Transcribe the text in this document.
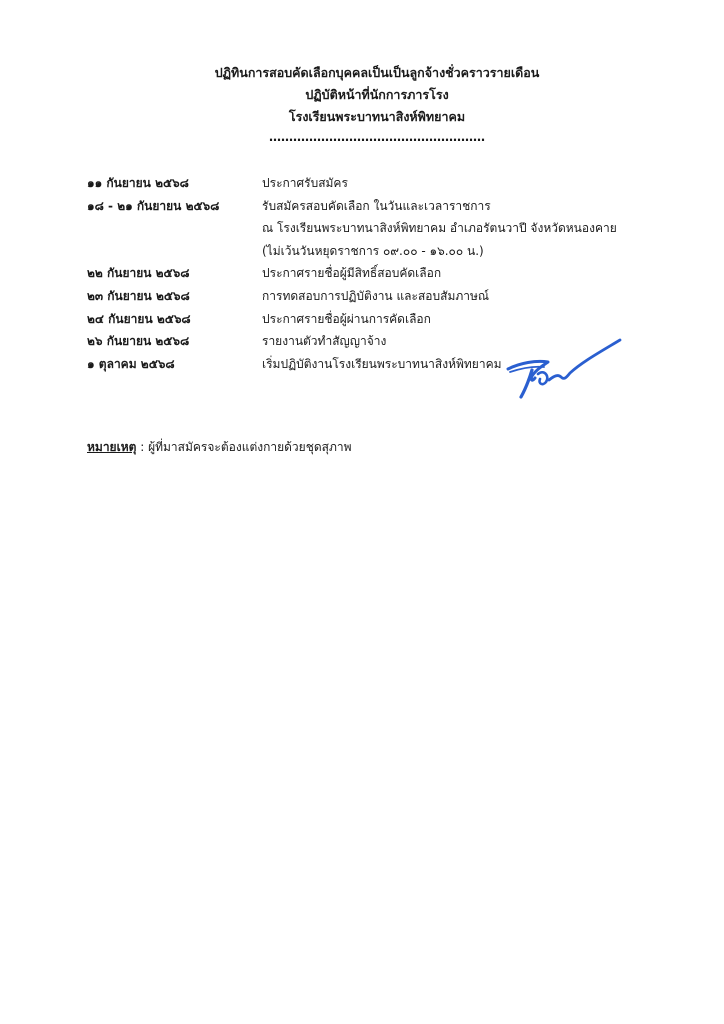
ปฏิทินการสอบคัดเลือกบุคคลเป็นเป็นลูกจ้างชั่วคราวรายเดือน
ปฏิบัติหน้าที่นักการภารโรง
โรงเรียนพระบาทนาสิงห์พิทยาคม
………………………………………………
๑๑ กันยายน ๒๕๖๘	ประกาศรับสมัคร
๑๘ - ๒๑ กันยายน ๒๕๖๘	รับสมัครสอบคัดเลือก ในวันและเวลาราชการ
ณ โรงเรียนพระบาทนาสิงห์พิทยาคม อำเภอรัตนวาปี จังหวัดหนองคาย
(ไม่เว้นวันหยุดราชการ ๐๙.๐๐ - ๑๖.๐๐ น.)
๒๒ กันยายน ๒๕๖๘	ประกาศรายชื่อผู้มีสิทธิ์สอบคัดเลือก
๒๓ กันยายน ๒๕๖๘	การทดสอบการปฏิบัติงาน และสอบสัมภาษณ์
๒๔ กันยายน ๒๕๖๘	ประกาศรายชื่อผู้ผ่านการคัดเลือก
๒๖ กันยายน ๒๕๖๘	รายงานตัวทำสัญญาจ้าง
๑ ตุลาคม ๒๕๖๘	เริ่มปฏิบัติงานโรงเรียนพระบาทนาสิงห์พิทยาคม
หมายเหตุ : ผู้ที่มาสมัครจะต้องแต่งกายด้วยชุดสุภาพ
